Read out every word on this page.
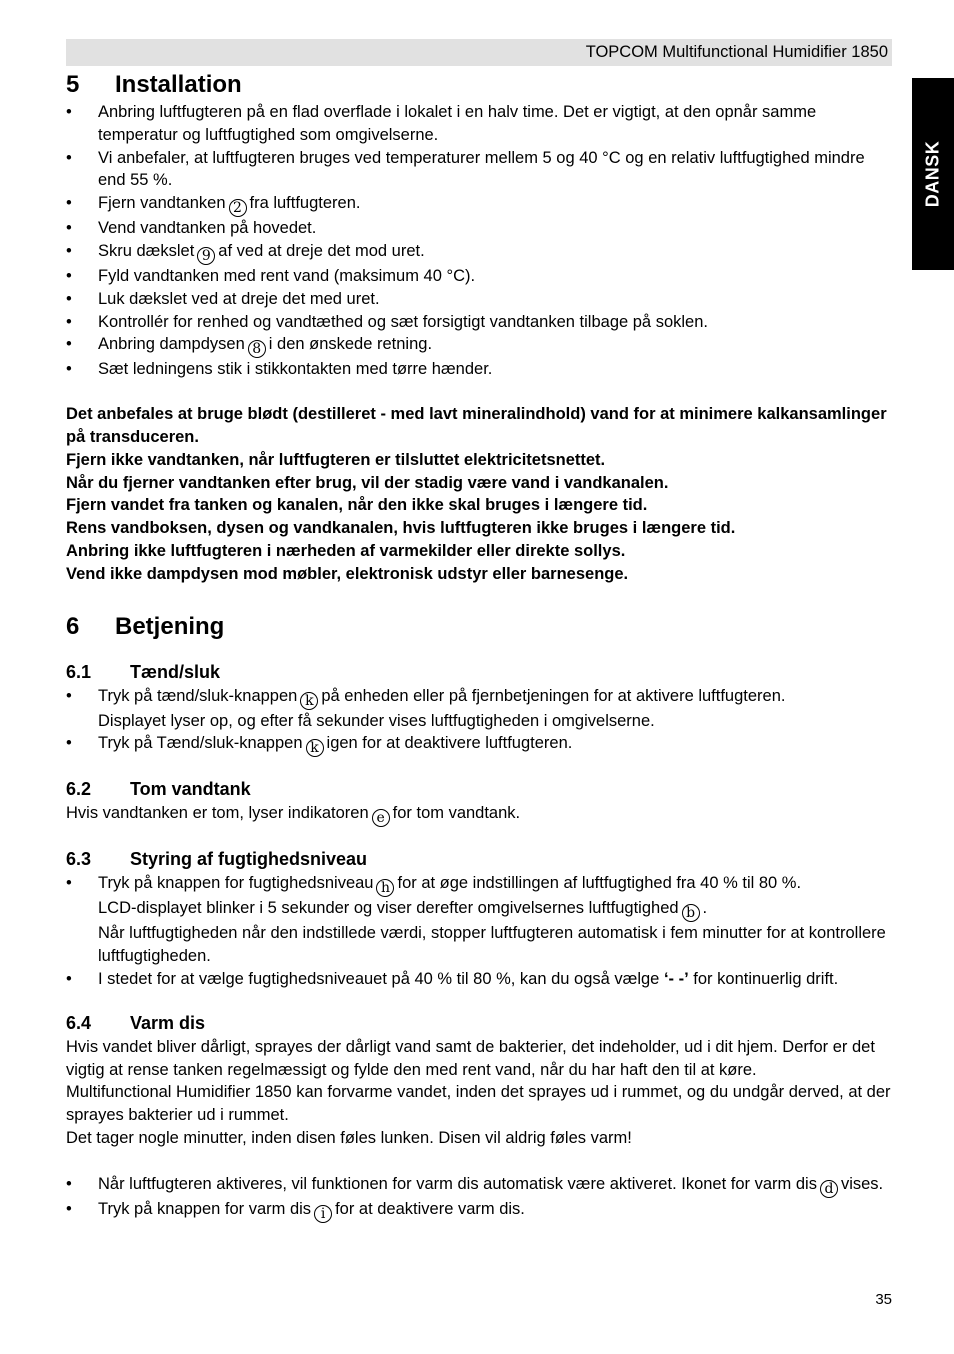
TOPCOM Multifunctional Humidifier 1850
DANSK
5	Installation
• Anbring luftfugteren på en flad overflade i lokalet i en halv time. Det er vigtigt, at den opnår samme temperatur og luftfugtighed som omgivelserne.
• Vi anbefaler, at luftfugteren bruges ved temperaturer mellem 5 og 40 °C og en relativ luftfugtighed mindre end 55 %.
• Fjern vandtanken 2 fra luftfugteren.
• Vend vandtanken på hovedet.
• Skru dækslet 9 af ved at dreje det mod uret.
• Fyld vandtanken med rent vand (maksimum 40 °C).
• Luk dækslet ved at dreje det med uret.
• Kontrollér for renhed og vandtæthed og sæt forsigtigt vandtanken tilbage på soklen.
• Anbring dampdysen 8 i den ønskede retning.
• Sæt ledningens stik i stikkontakten med tørre hænder.

Det anbefales at bruge blødt (destilleret - med lavt mineralindhold) vand for at minimere kalkansamlinger på transduceren.

Fjern ikke vandtanken, når luftfugteren er tilsluttet elektricitetsnettet.

Når du fjerner vandtanken efter brug, vil der stadig være vand i vandkanalen.

Fjern vandet fra tanken og kanalen, når den ikke skal bruges i længere tid.

Rens vandboksen, dysen og vandkanalen, hvis luftfugteren ikke bruges i længere tid.

Anbring ikke luftfugteren i nærheden af varmekilder eller direkte sollys.

Vend ikke dampdysen mod møbler, elektronisk udstyr eller barnesenge.

6	Betjening
6.1	Tænd/sluk
• Tryk på tænd/sluk-knappen k på enheden eller på fjernbetjeningen for at aktivere luftfugteren.
Displayet lyser op, og efter få sekunder vises luftfugtigheden i omgivelserne.
• Tryk på Tænd/sluk-knappen k igen for at deaktivere luftfugteren.
6.2	Tom vandtank

Hvis vandtanken er tom, lyser indikatoren e for tom vandtank.

6.3	Styring af fugtighedsniveau
• Tryk på knappen for fugtighedsniveau h for at øge indstillingen af luftfugtighed fra 40 % til 80 %.
LCD-displayet blinker i 5 sekunder og viser derefter omgivelsernes luftfugtighed b .
Når luftfugtigheden når den indstillede værdi, stopper luftfugteren automatisk i fem minutter for at kontrollere luftfugtigheden.
• I stedet for at vælge fugtighedsniveauet på 40 % til 80 %, kan du også vælge ‘- -’ for kontinuerlig drift.
6.4	Varm dis

Hvis vandet bliver dårligt, sprayes der dårligt vand samt de bakterier, det indeholder, ud i dit hjem. Derfor er det vigtig at rense tanken regelmæssigt og fylde den med rent vand, når du har haft den til at køre.

Multifunctional Humidifier 1850 kan forvarme vandet, inden det sprayes ud i rummet, og du undgår derved, at der sprayes bakterier ud i rummet.

Det tager nogle minutter, inden disen føles lunken. Disen vil aldrig føles varm!

• Når luftfugteren aktiveres, vil funktionen for varm dis automatisk være aktiveret. Ikonet for varm dis d vises.
• Tryk på knappen for varm dis i for at deaktivere varm dis.
35
